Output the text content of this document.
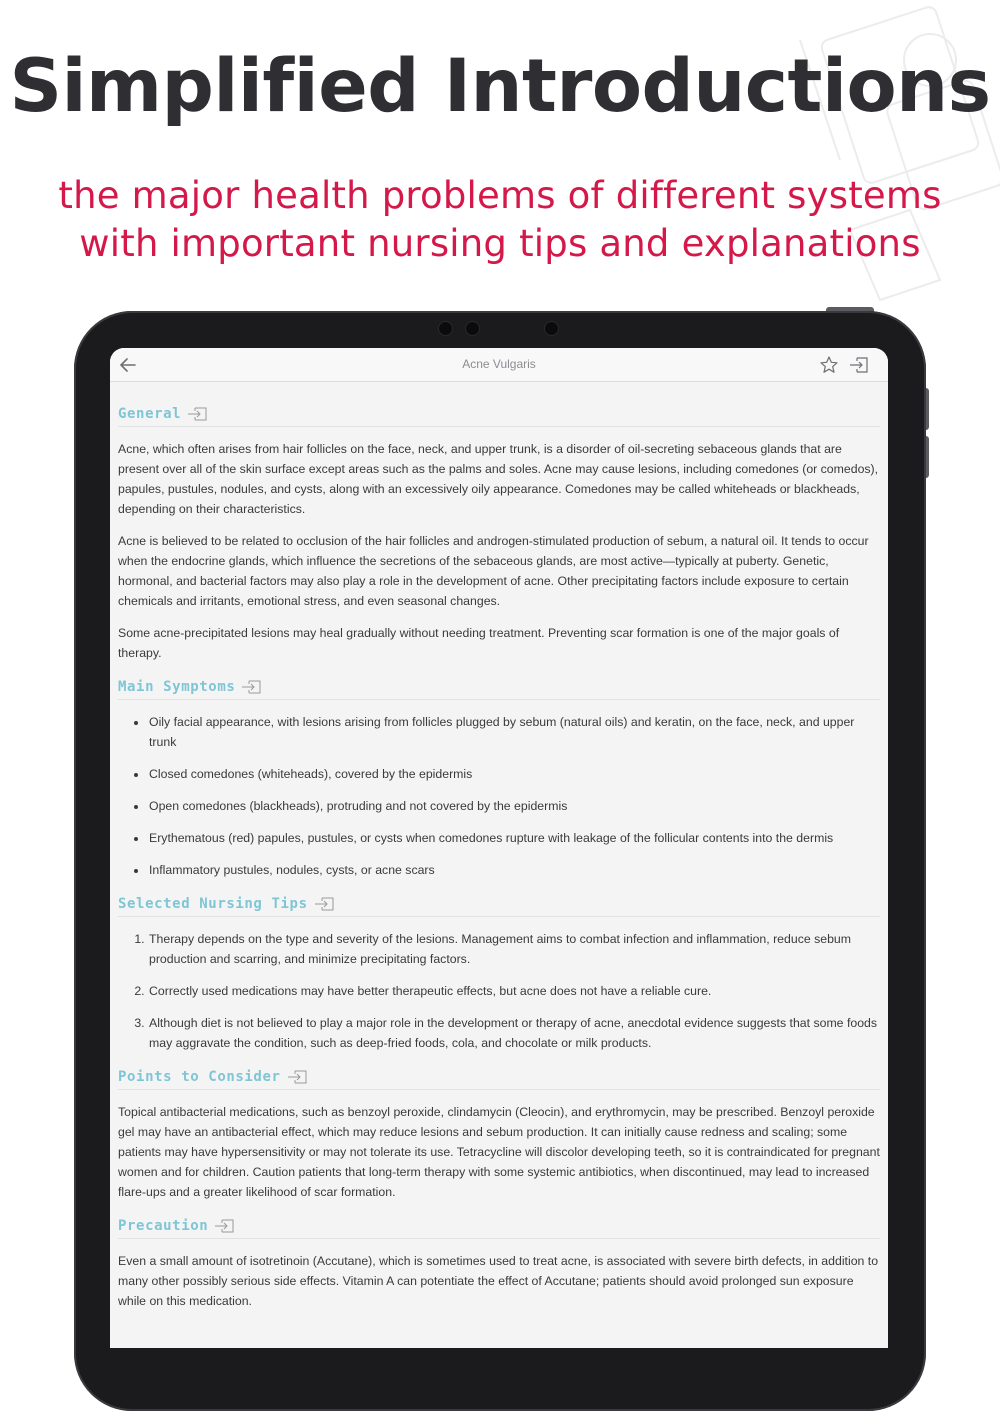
Simplified Introductions
the major health problems of different systems
with important nursing tips and explanations
Acne Vulgaris
General

Acne, which often arises from hair follicles on the face, neck, and upper trunk, is a disorder of oil-secreting sebaceous glands that are present over all of the skin surface except areas such as the palms and soles. Acne may cause lesions, including comedones (or comedos), papules, pustules, nodules, and cysts, along with an excessively oily appearance. Comedones may be called whiteheads or blackheads, depending on their characteristics.

Acne is believed to be related to occlusion of the hair follicles and androgen-stimulated production of sebum, a natural oil. It tends to occur when the endocrine glands, which influence the secretions of the sebaceous glands, are most active—typically at puberty. Genetic, hormonal, and bacterial factors may also play a role in the development of acne. Other precipitating factors include exposure to certain chemicals and irritants, emotional stress, and even seasonal changes.

Some acne-precipitated lesions may heal gradually without needing treatment. Preventing scar formation is one of the major goals of therapy.

Main Symptoms
• Oily facial appearance, with lesions arising from follicles plugged by sebum (natural oils) and keratin, on the face, neck, and upper trunk
• Closed comedones (whiteheads), covered by the epidermis
• Open comedones (blackheads), protruding and not covered by the epidermis
• Erythematous (red) papules, pustules, or cysts when comedones rupture with leakage of the follicular contents into the dermis
• Inflammatory pustules, nodules, cysts, or acne scars
Selected Nursing Tips
1. Therapy depends on the type and severity of the lesions. Management aims to combat infection and inflammation, reduce sebum production and scarring, and minimize precipitating factors.
2. Correctly used medications may have better therapeutic effects, but acne does not have a reliable cure.
3. Although diet is not believed to play a major role in the development or therapy of acne, anecdotal evidence suggests that some foods may aggravate the condition, such as deep-fried foods, cola, and chocolate or milk products.
Points to Consider

Topical antibacterial medications, such as benzoyl peroxide, clindamycin (Cleocin), and erythromycin, may be prescribed. Benzoyl peroxide gel may have an antibacterial effect, which may reduce lesions and sebum production. It can initially cause redness and scaling; some patients may have hypersensitivity or may not tolerate its use. Tetracycline will discolor developing teeth, so it is contraindicated for pregnant women and for children. Caution patients that long-term therapy with some systemic antibiotics, when discontinued, may lead to increased flare-ups and a greater likelihood of scar formation.

Precaution

Even a small amount of isotretinoin (Accutane), which is sometimes used to treat acne, is associated with severe birth defects, in addition to many other possibly serious side effects. Vitamin A can potentiate the effect of Accutane; patients should avoid prolonged sun exposure while on this medication.
